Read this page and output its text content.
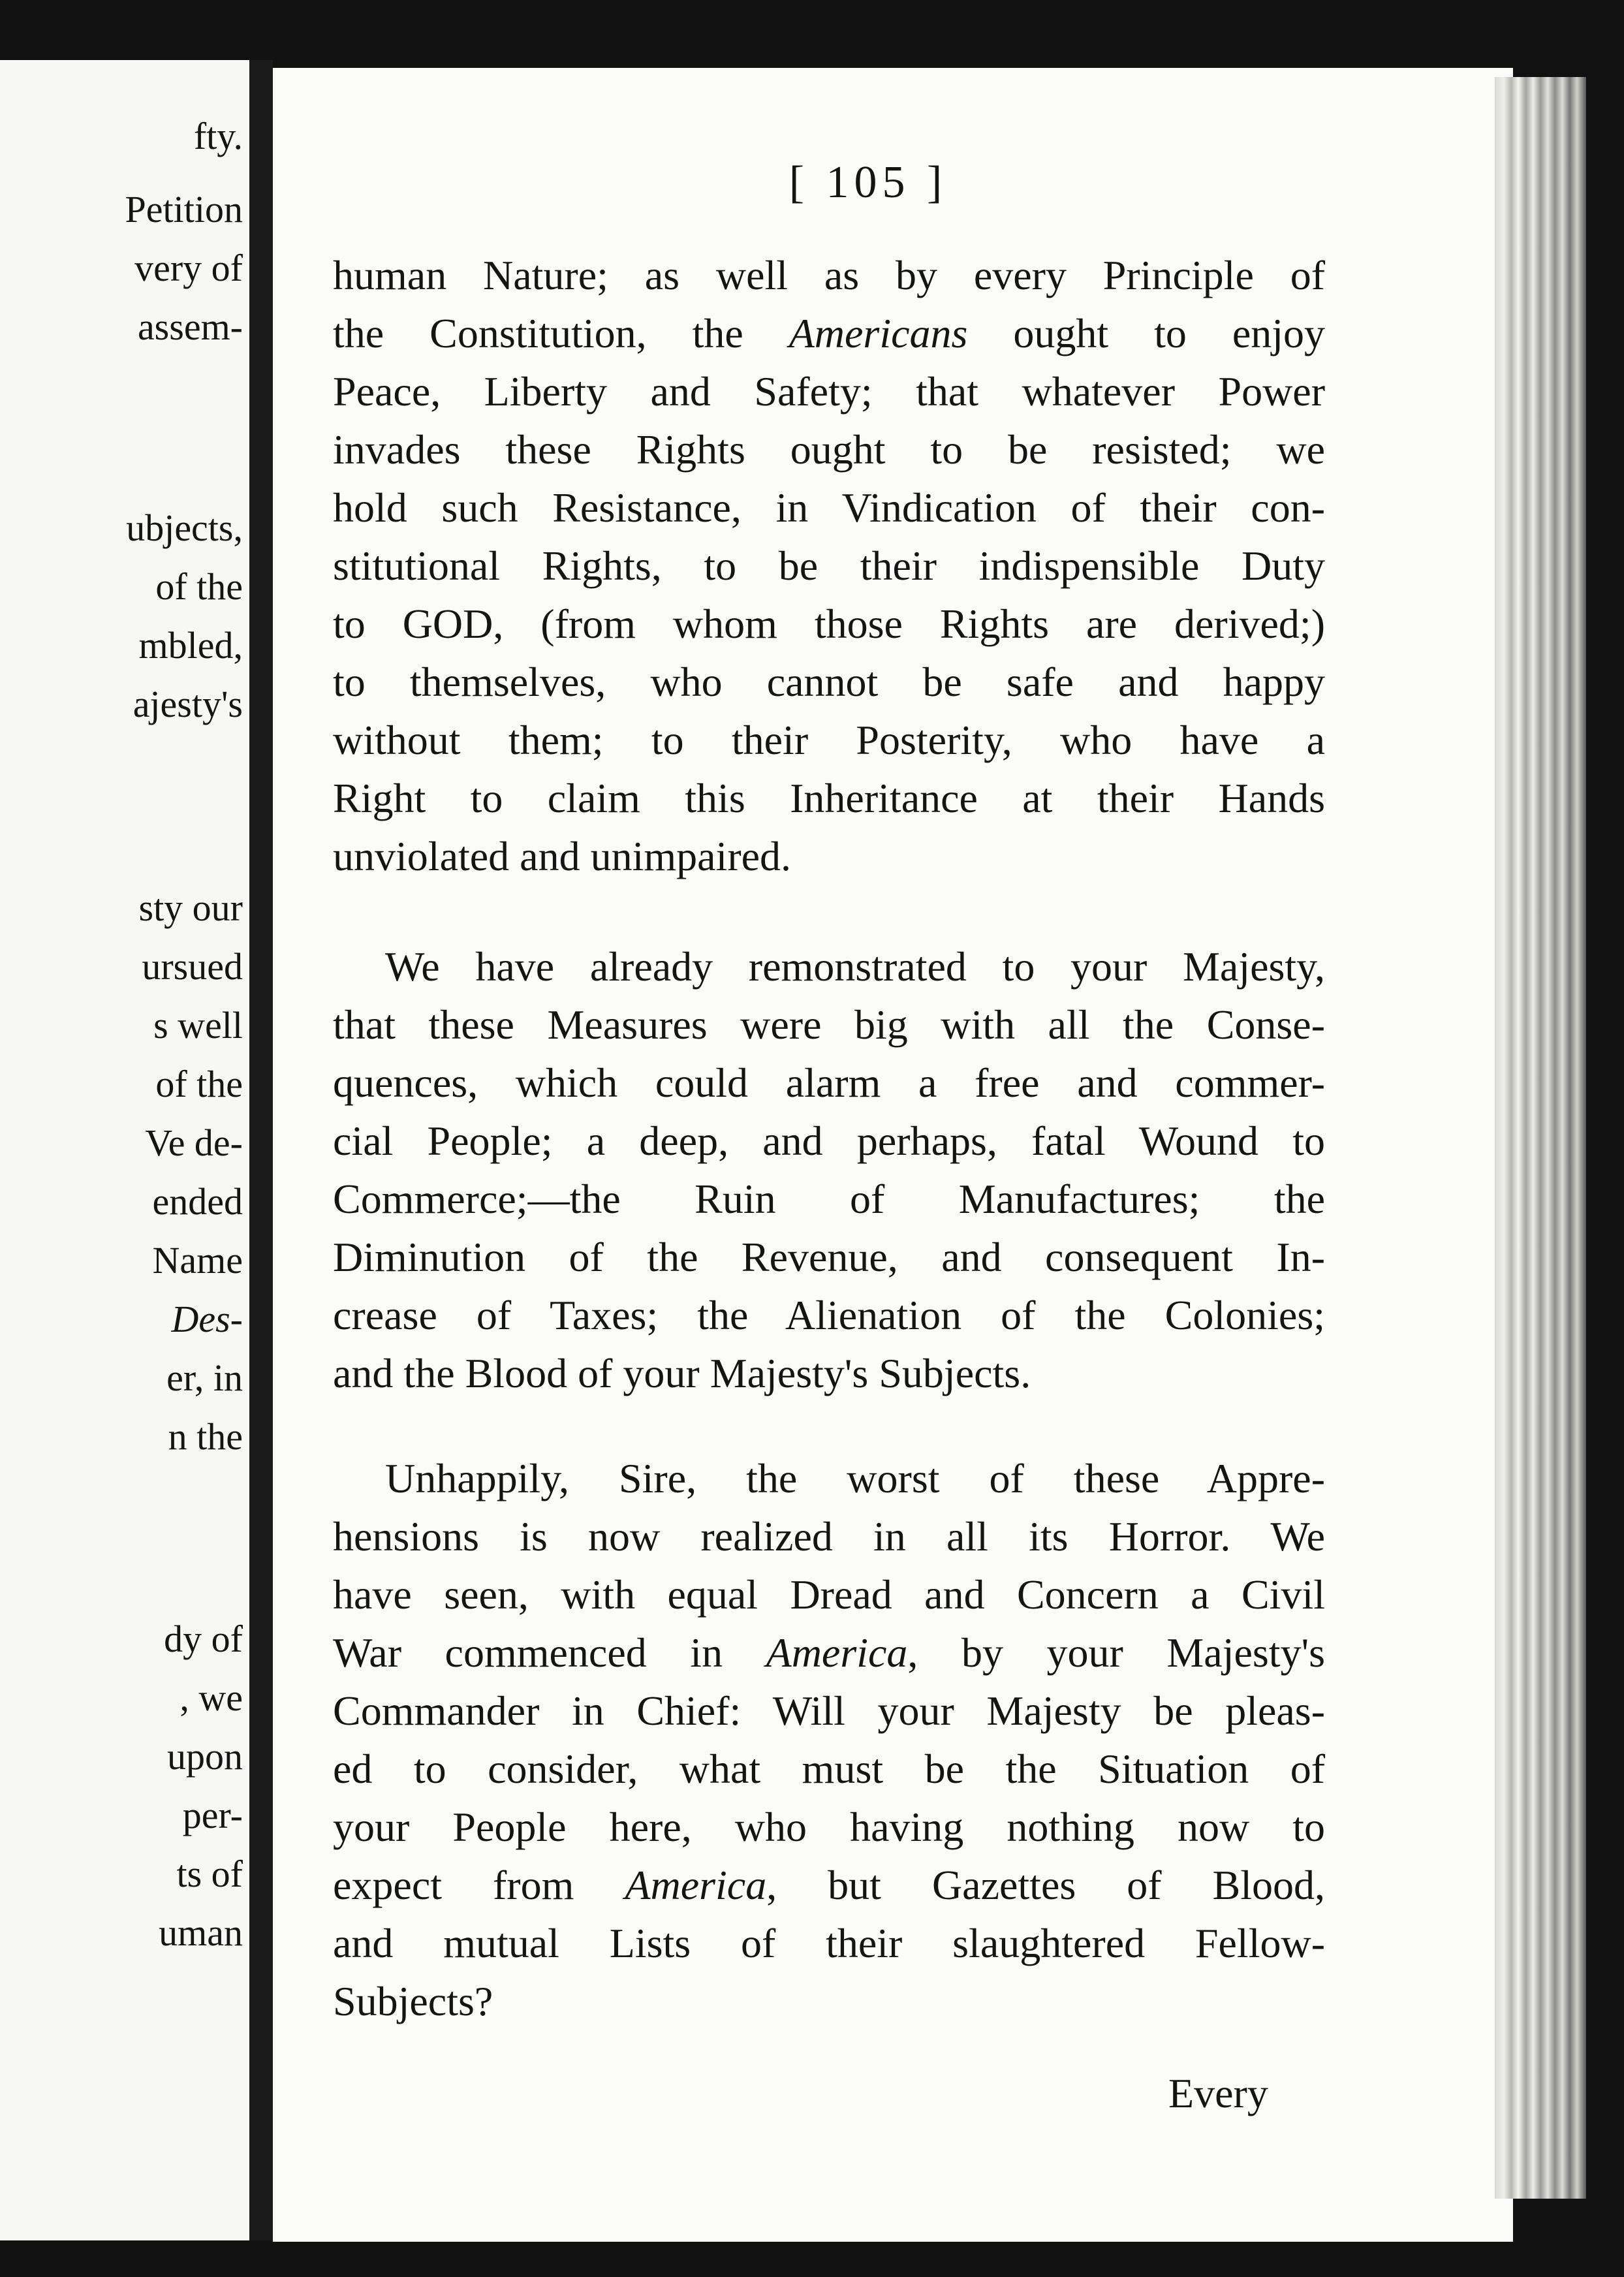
fty.
Petition
very of
assem-
ubjects,
of the
mbled,
ajesty's
sty our
ursued
s well
of the
Ve de-
ended
Name
Des-
er, in
n the
dy of
, we
upon
per-
ts of
uman
[ 105 ]
human Nature; as well as by every Principle of
the Constitution, the Americans ought to enjoy
Peace, Liberty and Safety; that whatever Power
invades these Rights ought to be resisted; we
hold such Resistance, in Vindication of their con-
stitutional Rights, to be their indispensible Duty
to GOD, (from whom those Rights are derived;)
to themselves, who cannot be safe and happy
without them; to their Posterity, who have a
Right to claim this Inheritance at their Hands
unviolated and unimpaired.
We have already remonstrated to your Majesty,
that these Measures were big with all the Conse-
quences, which could alarm a free and commer-
cial People; a deep, and perhaps, fatal Wound to
Commerce;—the Ruin of Manufactures; the
Diminution of the Revenue, and consequent In-
crease of Taxes; the Alienation of the Colonies;
and the Blood of your Majesty's Subjects.
Unhappily, Sire, the worst of these Appre-
hensions is now realized in all its Horror. We
have seen, with equal Dread and Concern a Civil
War commenced in America, by your Majesty's
Commander in Chief: Will your Majesty be pleas-
ed to consider, what must be the Situation of
your People here, who having nothing now to
expect from America, but Gazettes of Blood,
and mutual Lists of their slaughtered Fellow-
Subjects?
Every
